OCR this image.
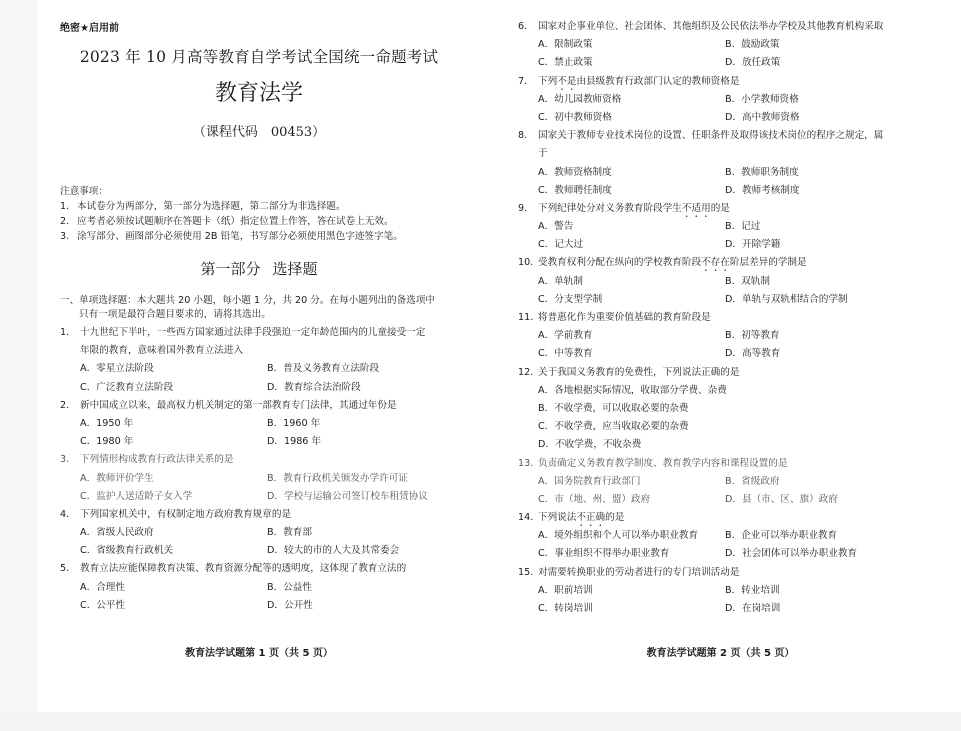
绝密★启用前
2023 年 10 月高等教育自学考试全国统一命题考试
教育法学
（课程代码　00453）
注意事项：
1. 本试卷分为两部分，第一部分为选择题，第二部分为非选择题。
2. 应考者必须按试题顺序在答题卡（纸）指定位置上作答，答在试卷上无效。
3. 涂写部分、画图部分必须使用 2B 铅笔，书写部分必须使用黑色字迹签字笔。
第一部分 选择题
一、单项选择题：本大题共 20 小题，每小题 1 分，共 20 分。在每小题列出的备选项中
只有一项是最符合题目要求的，请将其选出。
1.	十九世纪下半叶，一些西方国家通过法律手段强迫一定年龄范围内的儿童接受一定
年限的教育，意味着国外教育立法进入
A．零星立法阶段	B．普及义务教育立法阶段
C．广泛教育立法阶段	D．教育综合法治阶段
2.	新中国成立以来，最高权力机关制定的第一部教育专门法律，其通过年份是
A．1950 年	B．1960 年
C．1980 年	D．1986 年
3.	下列情形构成教育行政法律关系的是
A．教师评价学生	B．教育行政机关颁发办学许可证
C．监护人送适龄子女入学	D．学校与运输公司签订校车租赁协议
4.	下列国家机关中，有权制定地方政府教育规章的是
A．省级人民政府	B．教育部
C．省级教育行政机关	D．较大的市的人大及其常委会
5.	教育立法应能保障教育决策、教育资源分配等的透明度，这体现了教育立法的
A．合理性	B．公益性
C．公平性	D．公开性
教育法学试题第 1 页（共 5 页）
6.	国家对企事业单位、社会团体、其他组织及公民依法举办学校及其他教育机构采取
A．限制政策	B．鼓励政策
C．禁止政策	D．放任政策
7.	下列不是由县级教育行政部门认定的教师资格是
A．幼儿园教师资格	B．小学教师资格
C．初中教师资格	D．高中教师资格
8.	国家关于教师专业技术岗位的设置、任职条件及取得该技术岗位的程序之规定，属
于
A．教师资格制度	B．教师职务制度
C．教师聘任制度	D．教师考核制度
9.	下列纪律处分对义务教育阶段学生不适用的是
A．警告	B．记过
C．记大过	D．开除学籍
10. 受教育权利分配在纵向的学校教育阶段不存在阶层差异的学制是
A．单轨制	B．双轨制
C．分支型学制	D．单轨与双轨相结合的学制
11. 将普惠化作为重要价值基础的教育阶段是
A．学前教育	B．初等教育
C．中等教育	D．高等教育
12. 关于我国义务教育的免费性，下列说法正确的是
A．各地根据实际情况，收取部分学费、杂费
B．不收学费，可以收取必要的杂费
C．不收学费，应当收取必要的杂费
D．不收学费，不收杂费
13. 负责确定义务教育教学制度、教育教学内容和课程设置的是
A．国务院教育行政部门	B．省级政府
C．市（地、州、盟）政府	D．县（市、区、旗）政府
14. 下列说法不正确的是
A．境外组织和个人可以举办职业教育	B．企业可以举办职业教育
C．事业组织不得举办职业教育	D．社会团体可以举办职业教育
15. 对需要转换职业的劳动者进行的专门培训活动是
A．职前培训	B．转业培训
C．转岗培训	D．在岗培训
教育法学试题第 2 页（共 5 页）
